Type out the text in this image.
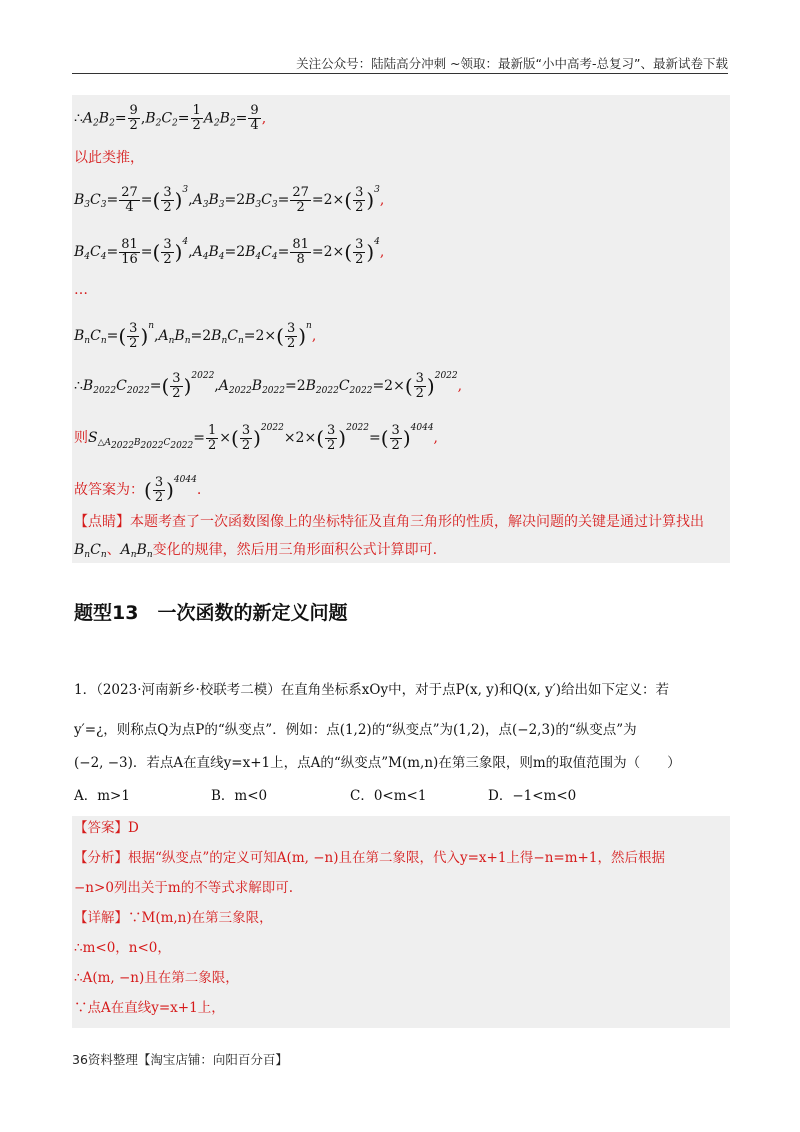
关注公众号：陆陆高分冲刺 ~领取：最新版“小中高考-总复习”、最新试卷下载
$\therefore A_2B_2= \frac{9}{2} ,B_2C_2= \frac{1}{2} A_2B_2= \frac{9}{4}$ ,
以此类推，
$B_3C_3= \frac{27}{4}$ =( $\frac{3}{2} )^3,A_3B_3=2B_3C_3= \frac{27}{2} =2\times( \frac{3}{2} )^3$,
$B_4C_4= \frac{81}{16}$ =( $\frac{3}{2} )^4,A_4B_4=2B_4C_4= \frac{81}{8} =2\times( \frac{3}{2} )^4$,
…
$B_nC_n=( \frac{3}{2} )^n,A_nB_n=2B_nC_n=2\times( \frac{3}{2} )^n$,
$\therefore B_{2022}C_{2022}=( \frac{3}{2} )^{2022},A_{2022}B_{2022}=2B_{2022}C_{2022}=2\times( \frac{3}{2} )^{2022}$,
则$S_{\triangle A_{2022}B_{2022}C_{2022}}= \frac{1}{2}$ ×( $\frac{3}{2} )^{2022}\times 2\times( \frac{3}{2} )^{2022}=( \frac{3}{2} )^{4044}$,
故答案为：( $\frac{3}{2} )^{4044}$.
【点睛】本题考查了一次函数图像上的坐标特征及直角三角形的性质，解决问题的关键是通过计算找出
$B_nC_n$、$A_nB_n$变化的规律，然后用三角形面积公式计算即可.
题型13　一次函数的新定义问题
1．（2023·河南新乡·校联考二模）在直角坐标系xOy中，对于点P(x, y)和Q(x, y′)给出如下定义：若
y′=¿，则称点Q为点P的“纵变点”．例如：点(1,2)的“纵变点”为(1,2)，点(−2,3)的“纵变点”为
(−2, −3)．若点A在直线y=x+1上，点A的“纵变点”M(m,n)在第三象限，则m的取值范围为（　　）
A．m>1	B．m<0	C．0<m<1	D．−1<m<0
【答案】D
【分析】根据“纵变点”的定义可知A(m, −n)且在第二象限，代入y=x+1上得−n=m+1，然后根据
−n>0列出关于m的不等式求解即可.
【详解】∵M(m,n)在第三象限，
∴m<0，n<0，
∴A(m, −n)且在第二象限，
∵点A在直线y=x+1上，
36资料整理【淘宝店铺：向阳百分百】
